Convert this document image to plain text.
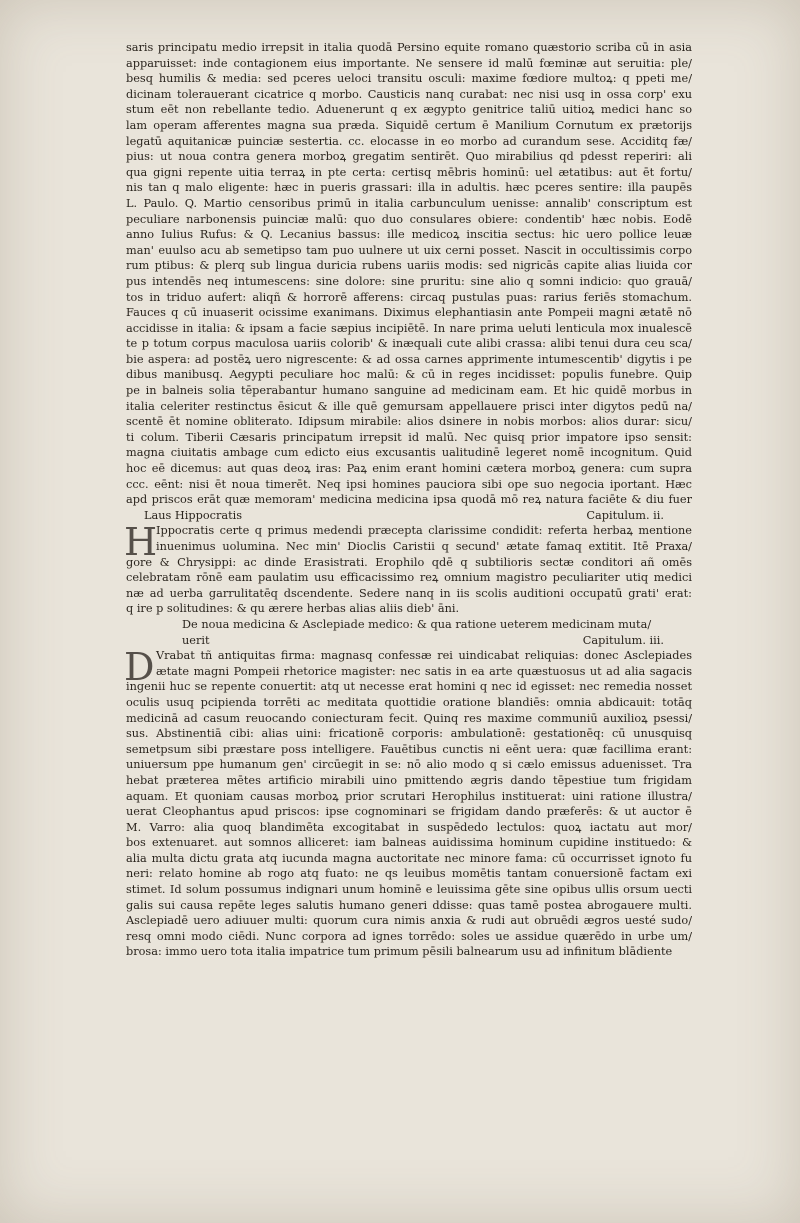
saris principatu medio irrepsit in italia quodā Persino equite romano quæstorio scriba cū in asia
apparuisset: inde contagionem eius importante. Ne sensere id malū fœminæ aut seruitia: ple/
besq humilis & media: sed pceres ueloci transitu osculi: maxime fœdiore multoꝝ: q ppeti me/
dicinam tolerauerant cicatrice q morbo. Causticis nanq curabat: nec nisi usq in ossa corp' exu
stum eēt non rebellante tedio. Aduenerunt q ex ægypto genitrice taliū uitioꝝ medici hanc so
lam operam afferentes magna sua præda. Siquidē certum ē Manilium Cornutum ex prætorijs
legatū aquitanicæ puinciæ sestertia. cc. elocasse in eo morbo ad curandum sese. Acciditq fæ/
pius: ut noua contra genera morboꝝ gregatim sentirēt. Quo mirabilius qd pdesst reperiri: ali
qua gigni repente uitia terraꝝ in pte certa: certisq mēbris hominū: uel ætatibus: aut ēt fortu/
nis tan q malo eligente: hæc in pueris grassari: illa in adultis. hæc pceres sentire: illa paupēs
L. Paulo. Q. Martio censoribus primū in italia carbunculum uenisse: annalib' conscriptum est
peculiare narbonensis puinciæ malū: quo duo consulares obiere: condentib' hæc nobis. Eodē
anno Iulius Rufus: & Q. Lecanius bassus: ille medicoꝝ inscitia sectus: hic uero pollice leuæ
man' euulso acu ab semetipso tam puo uulnere ut uix cerni posset. Nascit in occultissimis corpo
rum ptibus: & plerq sub lingua duricia rubens uariis modis: sed nigricās capite alias liuida cor
pus intendēs neq intumescens: sine dolore: sine pruritu: sine alio q somni indicio: quo grauā/
tos in triduo aufert: aliqñ & horrorē afferens: circaq pustulas puas: rarius feriēs stomachum.
Fauces q cū inuaserit ocissime exanimans. Diximus elephantiasin ante Pompeii magni ætatē nō
accidisse in italia: & ipsam a facie sæpius incipiētē. In nare prima ueluti lenticula mox inualescē
te p totum corpus maculosa uariis colorib' & inæquali cute alibi crassa: alibi tenui dura ceu sca/
bie aspera: ad postēꝝ uero nigrescente: & ad ossa carnes apprimente intumescentib' digytis i pe
dibus manibusq. Aegypti peculiare hoc malū: & cū in reges incidisset: populis funebre. Quip
pe in balneis solia tēperabantur humano sanguine ad medicinam eam. Et hic quidē morbus in
italia celeriter restinctus ēsicut & ille quē gemursam appellauere prisci inter digytos pedū na/
scentē ēt nomine obliterato. Idipsum mirabile: alios dsinere in nobis morbos: alios durar: sicu/
ti colum. Tiberii Cæsaris principatum irrepsit id malū. Nec quisq prior impatore ipso sensit:
magna ciuitatis ambage cum edicto eius excusantis ualitudinē legeret nomē incognitum. Quid
hoc eē dicemus: aut quas deoꝝ iras: Paꝝ enim erant homini cætera morboꝝ genera: cum supra
ccc. eēnt: nisi ēt noua timerēt. Neq ipsi homines pauciora sibi ope suo negocia iportant. Hæc
apd priscos erāt quæ memoram' medicina medicina ipsa quodā mō reꝝ natura faciēte & diu fuer
Laus Hippocratis	Capitulum. ii.
H
Ippocratis certe q primus medendi præcepta clarissime condidit: referta herbaꝝ mentione
inuenimus uolumina. Nec min' Dioclis Caristii q secund' ætate famaq extitit. Itē Praxa/
gore & Chrysippi: ac dinde Erasistrati. Erophilo qdē q subtilioris sectæ conditori añ omēs
celebratam rōnē eam paulatim usu efficacissimo reꝝ omnium magistro peculiariter utiq medici
næ ad uerba garrulitatēq dscendente. Sedere nanq in iis scolis auditioni occupatū grati' erat:
q ire p solitudines: & qu ærere herbas alias aliis dieb' āni.
De noua medicina & Asclepiade medico: & qua ratione ueterem medicinam muta/
uerit	Capitulum. iii.
D Vrabat tñ antiquitas firma: magnasq confessæ rei uindicabat reliquias: donec Asclepiades
ætate magni Pompeii rhetorice magister: nec satis in ea arte quæstuosus ut ad alia sagacis
ingenii huc se repente conuertit: atq ut necesse erat homini q nec id egisset: nec remedia nosset
oculis usuq pcipienda torrēti ac meditata quottidie oratione blandiēs: omnia abdicauit: totāq
medicinā ad casum reuocando coniecturam fecit. Quinq res maxime communiū auxilioꝝ psessi/
sus. Abstinentiā cibi: alias uini: fricationē corporis: ambulationē: gestationēq: cū unusquisq
semetpsum sibi præstare poss intelligere. Fauētibus cunctis ni eēnt uera: quæ facillima erant:
uniuersum ppe humanum gen' circūegit in se: nō alio modo q si cælo emissus aduenisset. Tra
hebat præterea mētes artificio mirabili uino pmittendo ægris dando tēpestiue tum frigidam
aquam. Et quoniam causas morboꝝ prior scrutari Herophilus instituerat: uini ratione illustra/
uerat Cleophantus apud priscos: ipse cognominari se frigidam dando præferēs: & ut auctor ē
M. Varro: alia quoq blandimēta excogitabat in suspēdedo lectulos: quoꝝ iactatu aut mor/
bos extenuaret. aut somnos alliceret: iam balneas auidissima hominum cupidine instituedo: &
alia multa dictu grata atq iucunda magna auctoritate nec minore fama: cū occurrisset ignoto fu
neri: relato homine ab rogo atq fuato: ne qs leuibus momētis tantam conuersionē factam exi
stimet. Id solum possumus indignari unum hominē e leuissima gēte sine opibus ullis orsum uecti
galis sui causa repēte leges salutis humano generi ddisse: quas tamē postea abrogauere multi.
Asclepiadē uero adiuuer multi: quorum cura nimis anxia & rudi aut obruēdi ægros uesté sudo/
resq omni modo ciēdi. Nunc corpora ad ignes torrēdo: soles ue assidue quærēdo in urbe um/
brosa: immo uero tota italia impatrice tum primum pēsili balnearum usu ad infinitum blādiente
